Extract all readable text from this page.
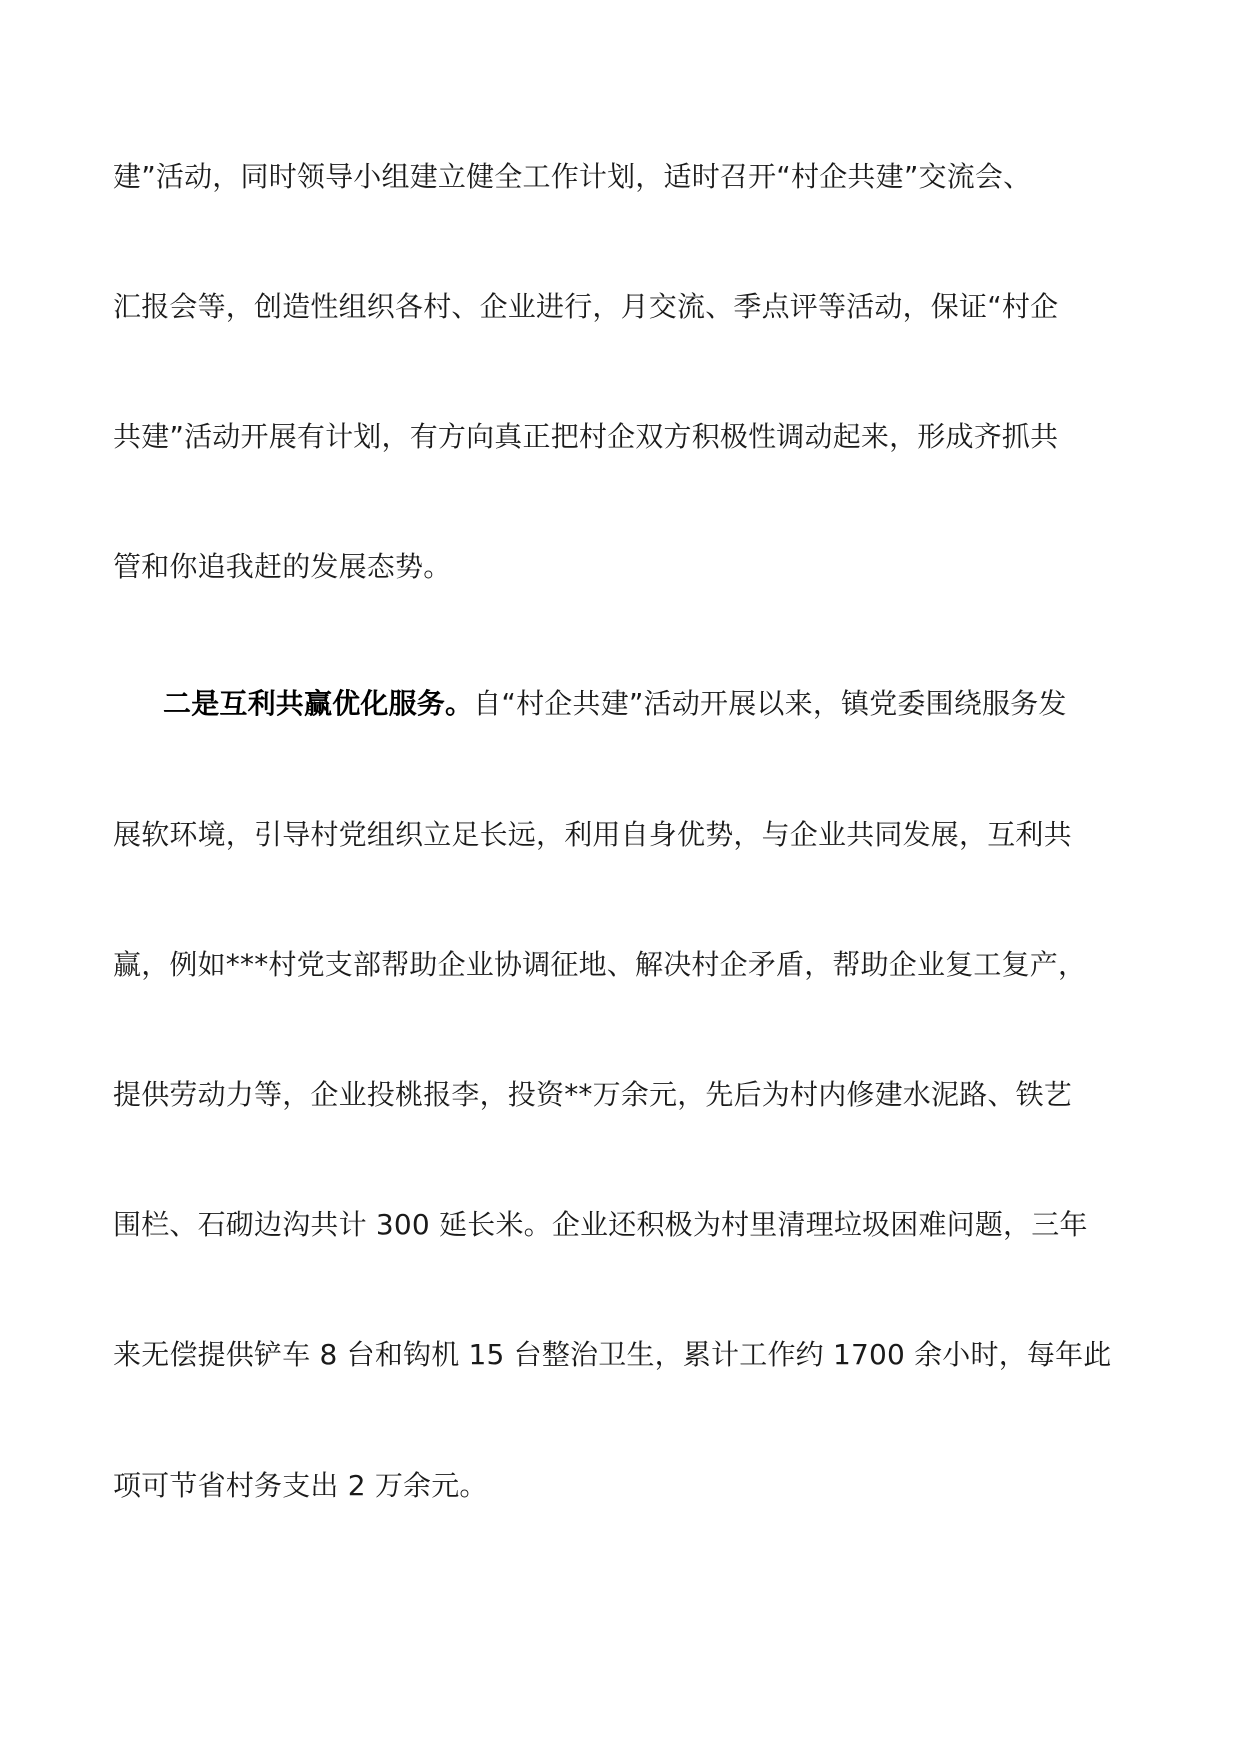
建”活动，同时领导小组建立健全工作计划，适时召开“村企共建”交流会、
汇报会等，创造性组织各村、企业进行，月交流、季点评等活动，保证“村企
共建”活动开展有计划，有方向真正把村企双方积极性调动起来，形成齐抓共
管和你追我赶的发展态势。
二是互利共赢优化服务。自“村企共建”活动开展以来，镇党委围绕服务发
展软环境，引导村党组织立足长远，利用自身优势，与企业共同发展，互利共
赢，例如***村党支部帮助企业协调征地、解决村企矛盾，帮助企业复工复产，
提供劳动力等，企业投桃报李，投资**万余元，先后为村内修建水泥路、铁艺
围栏、石砌边沟共计 300 延长米。企业还积极为村里清理垃圾困难问题，三年
来无偿提供铲车 8 台和钩机 15 台整治卫生，累计工作约 1700 余小时，每年此
项可节省村务支出 2 万余元。
